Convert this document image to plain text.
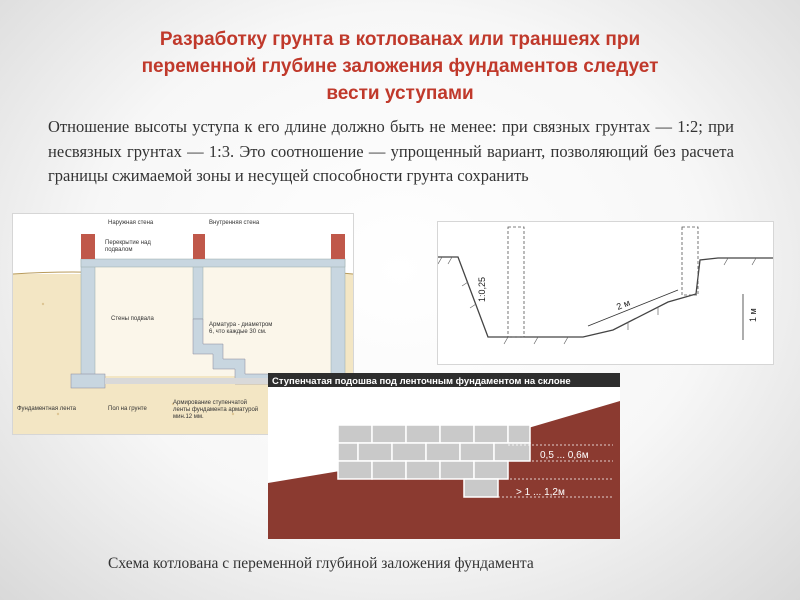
Разработку грунта в котлованах или траншеях при
переменной глубине заложения фундаментов следует
вести уступами
Отношение высоты уступа к его длине должно быть не менее: при связных грунтах — 1:2; при несвязных грунтах — 1:3. Это соотношение — упрощенный вариант, позволяющий без расчета границы сжимаемой зоны и несущей способности грунта сохранить
Наружная стена	Внутренняя стена
Перекрытие над
подвалом
Стены подвала
Арматура - диаметром
6, что каждые 30 см.
Фундаментная лента	Пол на грунте
Армирование ступенчатой
ленты фундамента арматурой
мин.12 мм.
1:0,25
2 м
1 м
Ступенчатая подошва под ленточным фундаментом на склоне
0,5 ... 0,6м
> 1 ... 1,2м
Схема котлована с переменной глубиной заложения фундамента
